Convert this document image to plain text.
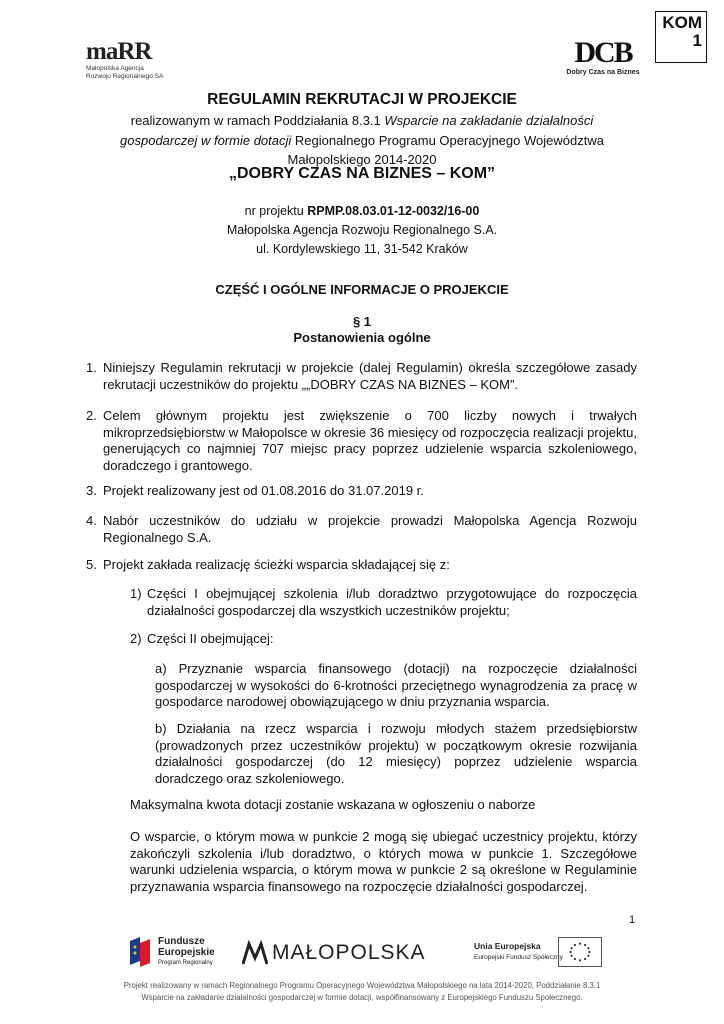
KOM
1
maRR
Małopolska Agencja
Rozwoju Regionalnego SA
DCB
Dobry Czas na Biznes
REGULAMIN REKRUTACJI W PROJEKCIE
realizowanym w ramach Poddziałania 8.3.1 Wsparcie na zakładanie działalności
gospodarczej w formie dotacji Regionalnego Programu Operacyjnego Województwa
Małopolskiego 2014-2020
„DOBRY CZAS NA BIZNES – KOM”
nr projektu RPMP.08.03.01-12-0032/16-00
Małopolska Agencja Rozwoju Regionalnego S.A.
ul. Kordylewskiego 11, 31-542 Kraków
CZĘŚĆ I OGÓLNE INFORMACJE O PROJEKCIE
§ 1
Postanowienia ogólne
1. Niniejszy Regulamin rekrutacji w projekcie (dalej Regulamin) określa szczegółowe zasady rekrutacji uczestników do projektu „„DOBRY CZAS NA BIZNES – KOM”.
2. Celem głównym projektu jest zwiększenie o 700 liczby nowych i trwałych mikroprzedsiębiorstw w Małopolsce w okresie 36 miesięcy od rozpoczęcia realizacji projektu, generujących co najmniej 707 miejsc pracy poprzez udzielenie wsparcia szkoleniowego, doradczego i grantowego.
3. Projekt realizowany jest od 01.08.2016 do 31.07.2019 r.
4. Nabór uczestników do udziału w projekcie prowadzi Małopolska Agencja Rozwoju Regionalnego S.A.
5. Projekt zakłada realizację ścieżki wsparcia składającej się z:
1) Części I obejmującej szkolenia i/lub doradztwo przygotowujące do rozpoczęcia działalności gospodarczej dla wszystkich uczestników projektu;
2) Części II obejmującej:
a) Przyznanie wsparcia finansowego (dotacji) na rozpoczęcie działalności gospodarczej w wysokości do 6-krotności przeciętnego wynagrodzenia za pracę w gospodarce narodowej obowiązującego w dniu przyznania wsparcia.
b) Działania na rzecz wsparcia i rozwoju młodych stażem przedsiębiorstw (prowadzonych przez uczestników projektu) w początkowym okresie rozwijania działalności gospodarczej (do 12 miesięcy) poprzez udzielenie wsparcia doradczego oraz szkoleniowego.
Maksymalna kwota dotacji zostanie wskazana w ogłoszeniu o naborze
O wsparcie, o którym mowa w punkcie 2 mogą się ubiegać uczestnicy projektu, którzy zakończyli szkolenia i/lub doradztwo, o których mowa w punkcie 1. Szczegółowe warunki udzielenia wsparcia, o którym mowa w punkcie 2 są określone w Regulaminie przyznawania wsparcia finansowego na rozpoczęcie działalności gospodarczej.
1
Fundusze
Europejskie
Program Regionalny	MAŁOPOLSKA	Unia Europejska
Europejski Fundusz Społeczny
Projekt realizowany w ramach Regionalnego Programu Operacyjnego Województwa Małopolskiego na lata 2014-2020, Poddziałanie 8.3.1
Wsparcie na zakładanie działalności gospodarczej w formie dotacji, współfinansowany z Europejskiego Funduszu Społecznego.
